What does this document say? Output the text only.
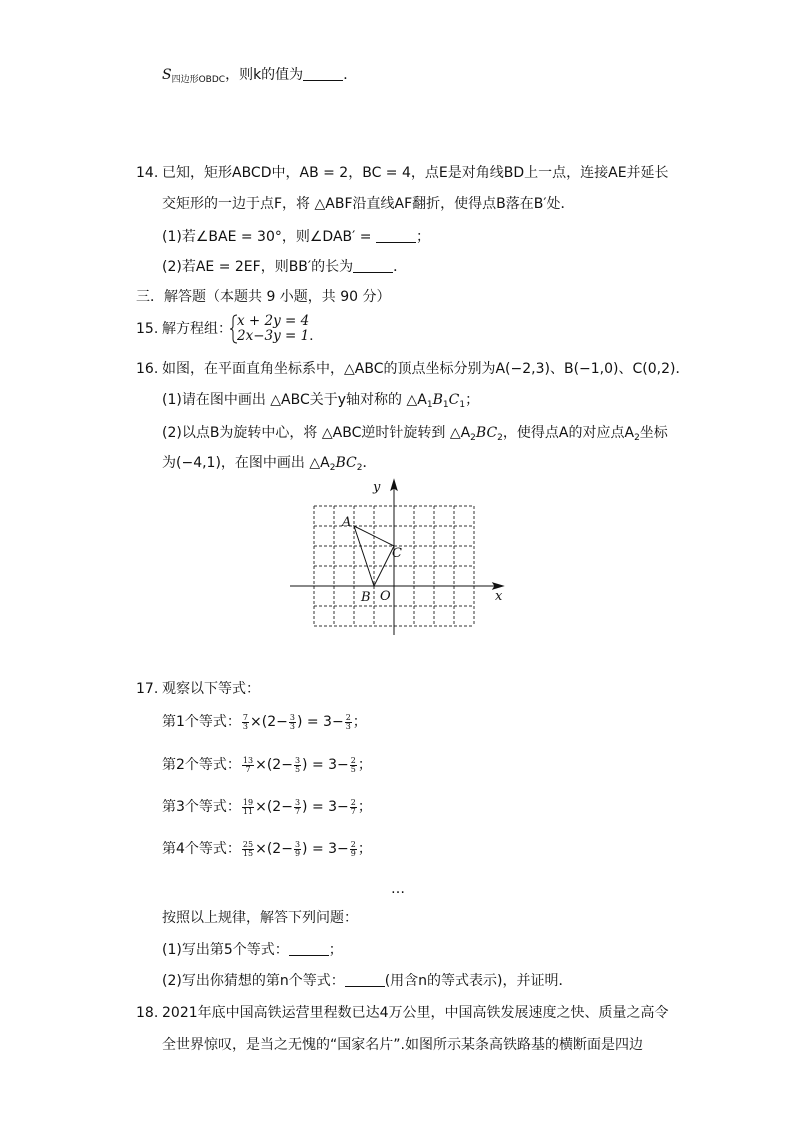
$S_{四边形OBDC}$，则k的值为	．
14. 已知，矩形ABCD中，AB = 2，BC = 4，点E是对角线BD上一点，连接AE并延长
交矩形的一边于点F，将 △ABF沿直线AF翻折，使得点B落在B′处．
(1)若∠BAE = 30°，则∠DAB′ =	；
(2)若AE = 2EF，则BB′的长为	．
三．解答题（本题共 9 小题，共 90 分）
15. 解方程组： x + 2y = 4
2x−3y = 1．
16. 如图，在平面直角坐标系中，△ABC的顶点坐标分别为A(−2,3)、B(−1,0)、C(0,2)．
(1)请在图中画出 △ABC关于y轴对称的 $\triangle A_1B_1C_1$；
(2)以点B为旋转中心，将 △ABC逆时针旋转到 $\triangle A_2BC_2$，使得点A的对应点$A_2$坐标
为(−4,1)，在图中画出 $\triangle A_2BC_2$．
y
x
A
B
C
O
17. 观察以下等式：
第1个等式： $\frac{7}{3} \times(2- \frac{3}{3}$ ) = $3- \frac{2}{3}$ ；
第2个等式： $\frac{13}{7} \times(2- \frac{3}{5}$ ) = $3- \frac{2}{5}$ ；
第3个等式： $\frac{19}{11} \times(2- \frac{3}{7}$ ) = $3- \frac{2}{7}$ ；
第4个等式： $\frac{25}{15} \times(2- \frac{3}{9}$ ) = $3- \frac{2}{9}$ ；
…
按照以上规律，解答下列问题：
(1)写出第5个等式：	；
(2)写出你猜想的第n个等式：	(用含n的等式表示)，并证明．
18. 2021年底中国高铁运营里程数已达4万公里，中国高铁发展速度之快、质量之高令
全世界惊叹，是当之无愧的“国家名片”.如图所示某条高铁路基的横断面是四边
